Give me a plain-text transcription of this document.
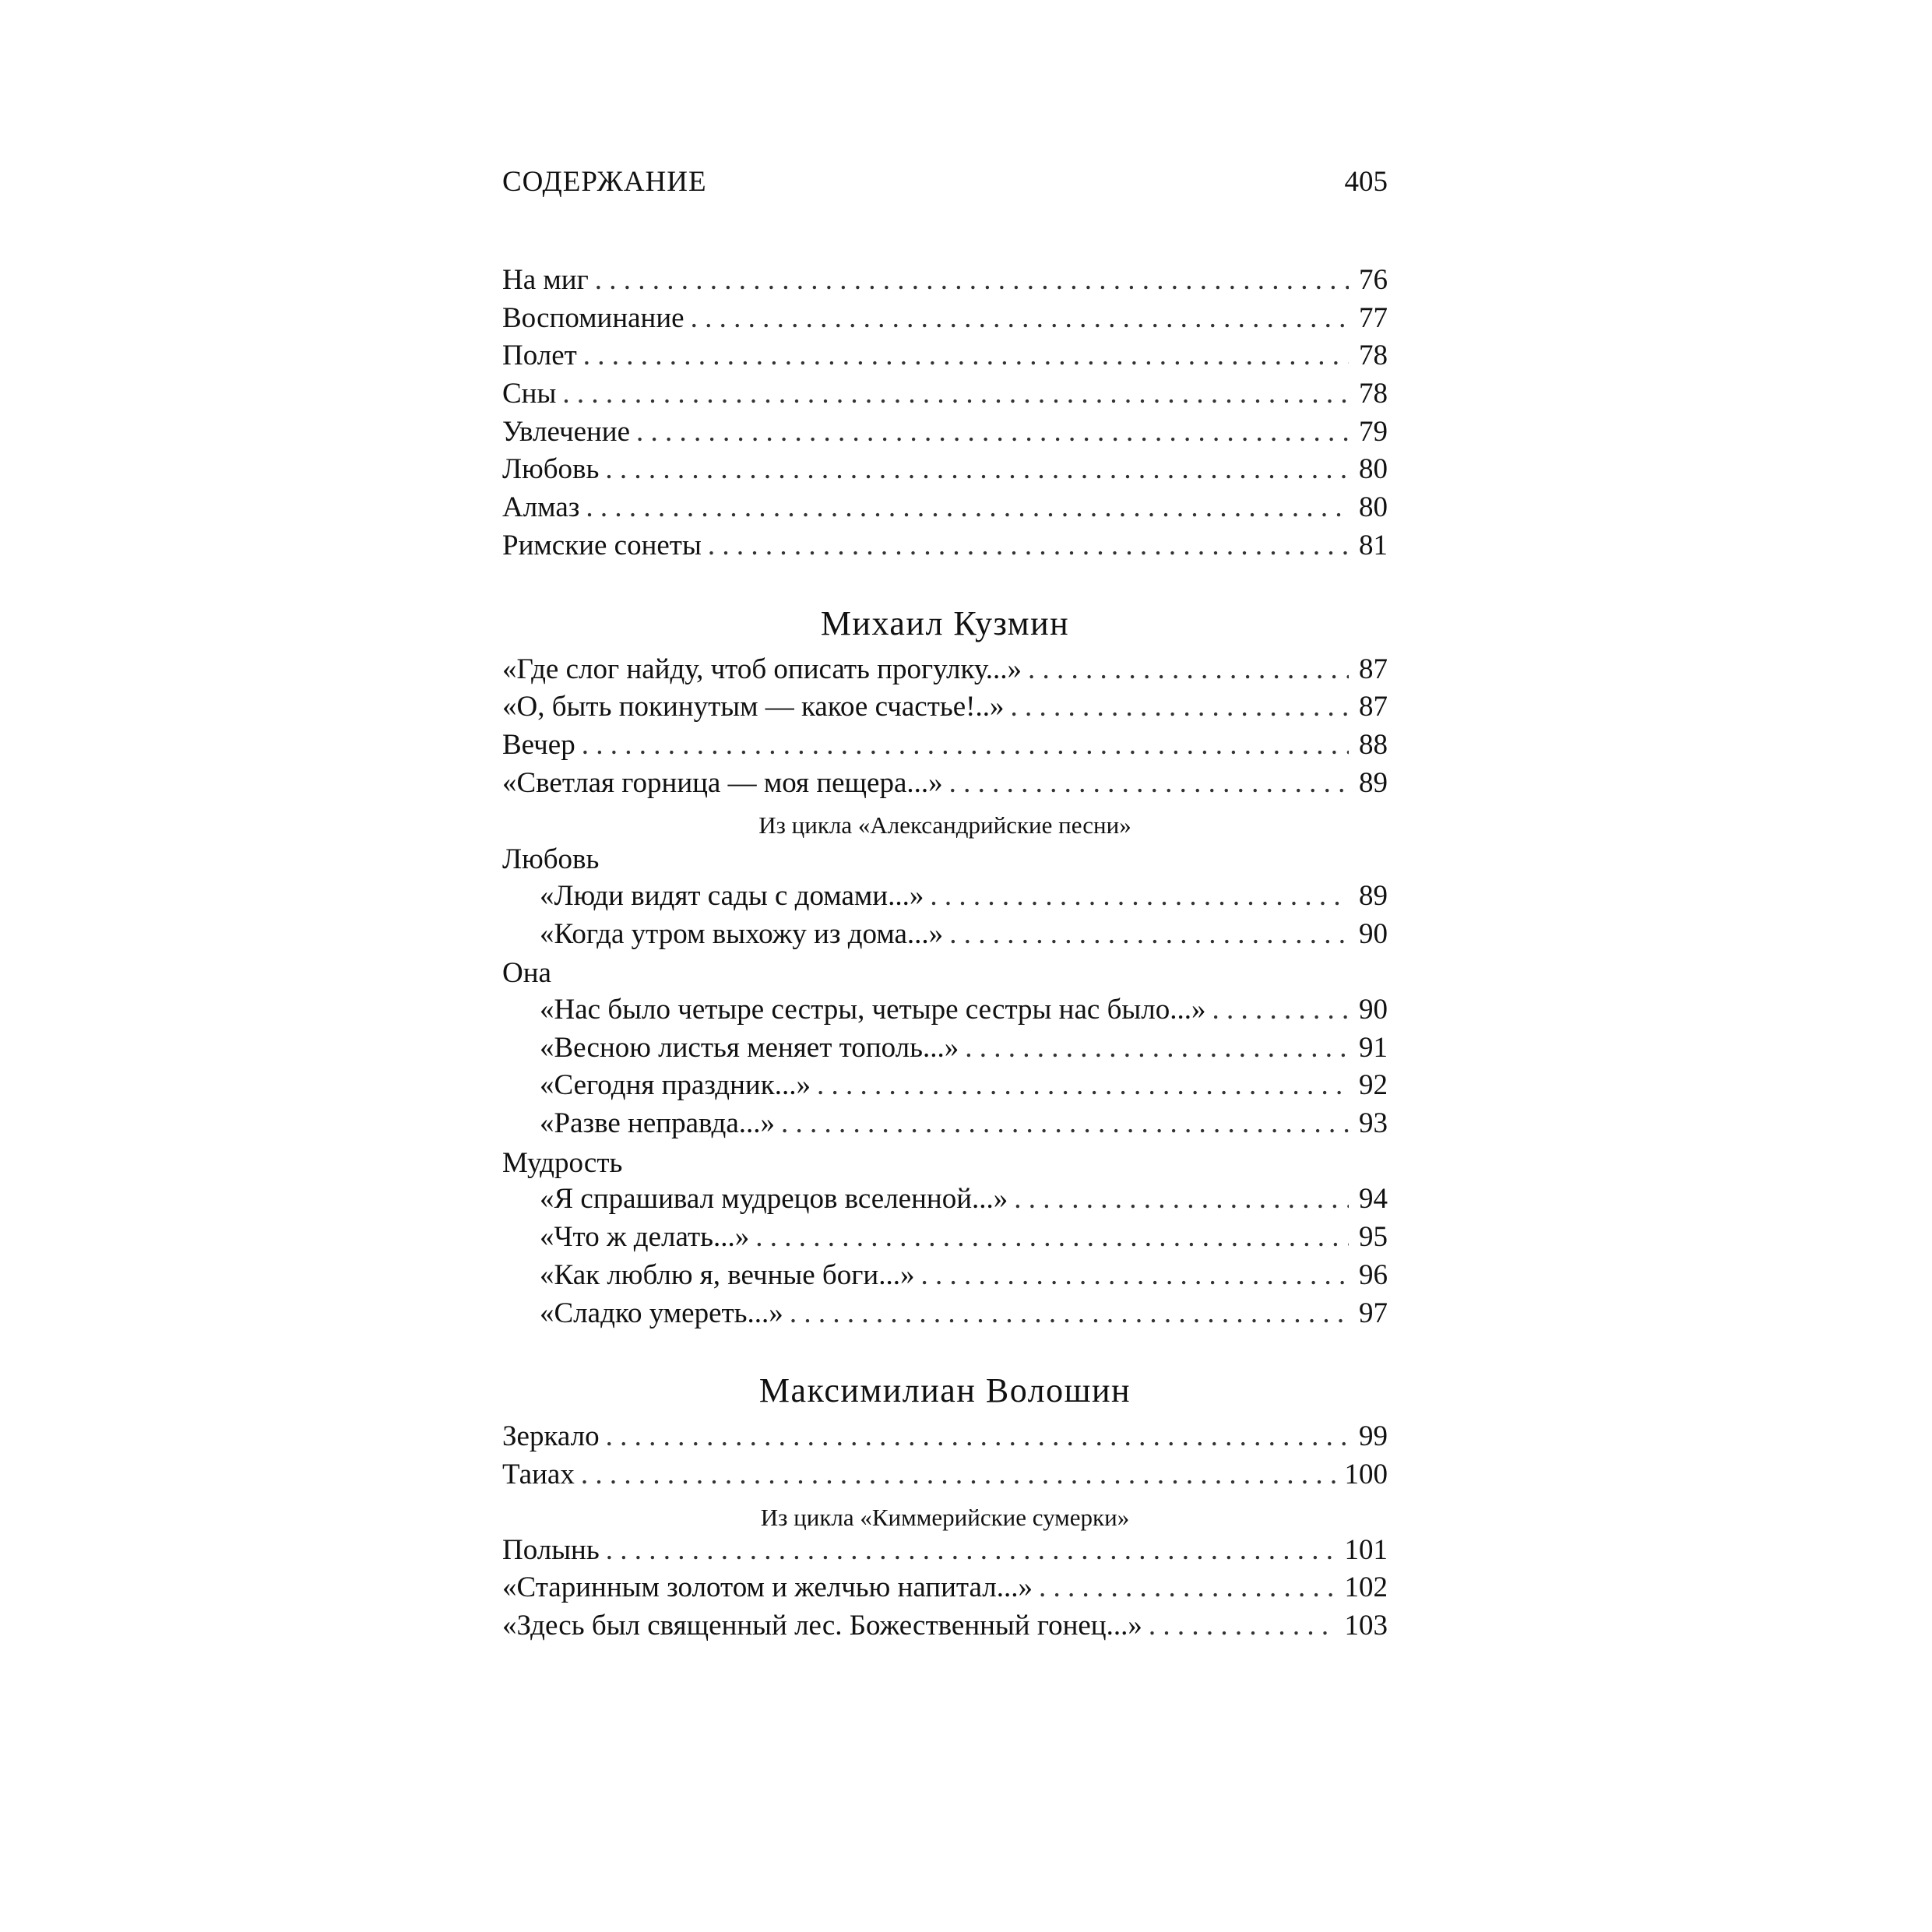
СОДЕРЖАНИЕ	405
На миг . . .	76
Воспоминание . . .	77
Полет . . .	78
Сны . . .	78
Увлечение . . .	79
Любовь . . .	80
Алмаз . . .	80
Римские сонеты . . .	81
Михаил Кузмин
«Где слог найду, чтоб описать прогулку...» . . .	87
«О, быть покинутым — какое счастье!..» . . .	87
Вечер . . .	88
«Светлая горница — моя пещера...» . . .	89
Из цикла «Александрийские песни»
Любовь
«Люди видят сады с домами...» . . .	89
«Когда утром выхожу из дома...» . . .	90
Она
«Нас было четыре сестры, четыре сестры нас было...» . . .	90
«Весною листья меняет тополь...» . . .	91
«Сегодня праздник...» . . .	92
«Разве неправда...» . . .	93
Мудрость
«Я спрашивал мудрецов вселенной...» . . .	94
«Что ж делать...» . . .	95
«Как люблю я, вечные боги...» . . .	96
«Сладко умереть...» . . .	97
Максимилиан Волошин
Зеркало . . .	99
Таиах . . .	100
Из цикла «Киммерийские сумерки»
Полынь . . .	101
«Старинным золотом и желчью напитал...» . . .	102
«Здесь был священный лес. Божественный гонец...» . . .	103
